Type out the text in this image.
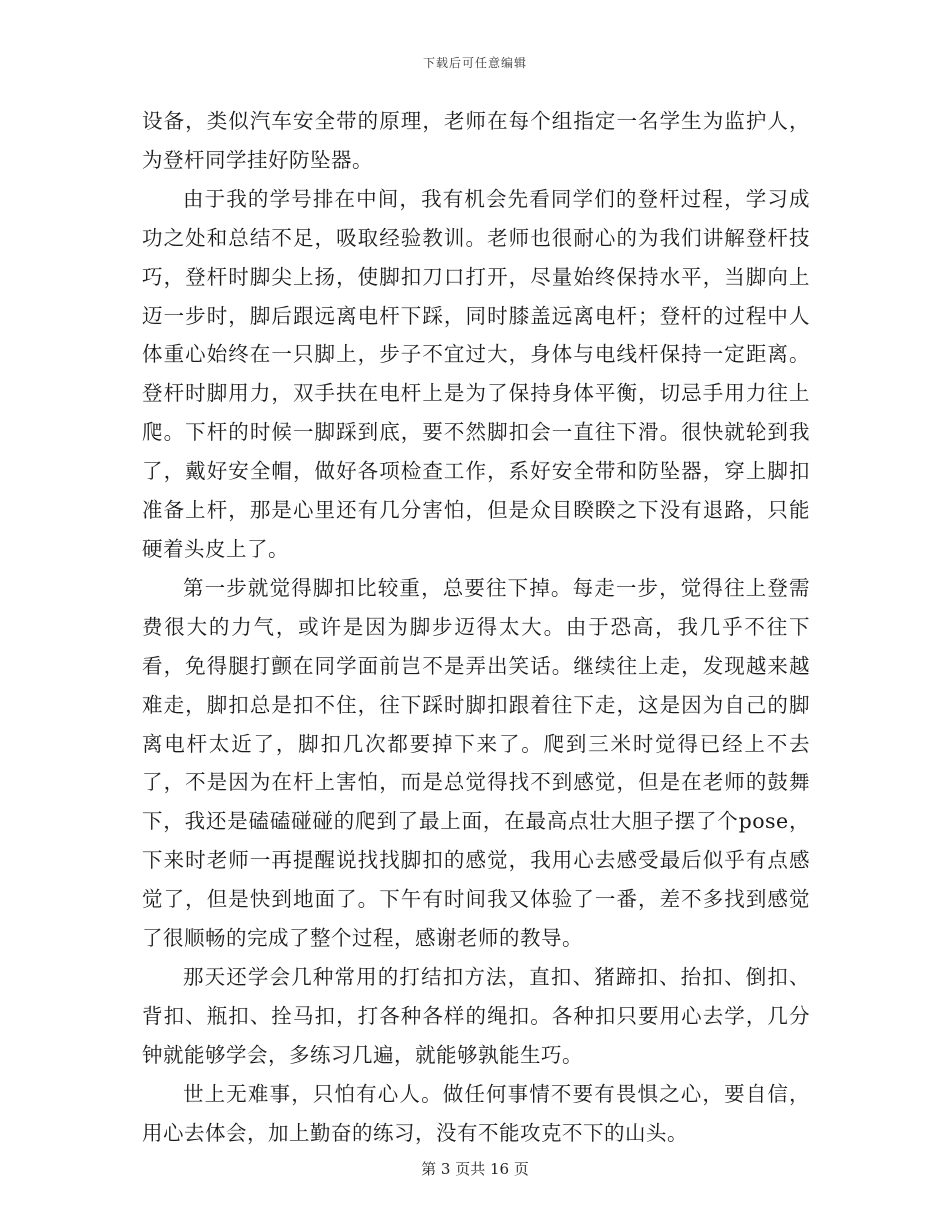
下载后可任意编辑

设备，类似汽车安全带的原理，老师在每个组指定一名学生为监护人，为登杆同学挂好防坠器。

由于我的学号排在中间，我有机会先看同学们的登杆过程，学习成功之处和总结不足，吸取经验教训。老师也很耐心的为我们讲解登杆技巧，登杆时脚尖上扬，使脚扣刀口打开，尽量始终保持水平，当脚向上迈一步时，脚后跟远离电杆下踩，同时膝盖远离电杆；登杆的过程中人体重心始终在一只脚上，步子不宜过大，身体与电线杆保持一定距离。登杆时脚用力，双手扶在电杆上是为了保持身体平衡，切忌手用力往上爬。下杆的时候一脚踩到底，要不然脚扣会一直往下滑。很快就轮到我了，戴好安全帽，做好各项检查工作，系好安全带和防坠器，穿上脚扣准备上杆，那是心里还有几分害怕，但是众目睽睽之下没有退路，只能硬着头皮上了。

第一步就觉得脚扣比较重，总要往下掉。每走一步，觉得往上登需费很大的力气，或许是因为脚步迈得太大。由于恐高，我几乎不往下看，免得腿打颤在同学面前岂不是弄出笑话。继续往上走，发现越来越难走，脚扣总是扣不住，往下踩时脚扣跟着往下走，这是因为自己的脚离电杆太近了，脚扣几次都要掉下来了。爬到三米时觉得已经上不去了，不是因为在杆上害怕，而是总觉得找不到感觉，但是在老师的鼓舞下，我还是磕磕碰碰的爬到了最上面，在最高点壮大胆子摆了个pose，下来时老师一再提醒说找找脚扣的感觉，我用心去感受最后似乎有点感觉了，但是快到地面了。下午有时间我又体验了一番，差不多找到感觉了很顺畅的完成了整个过程，感谢老师的教导。

那天还学会几种常用的打结扣方法，直扣、猪蹄扣、抬扣、倒扣、背扣、瓶扣、拴马扣，打各种各样的绳扣。各种扣只要用心去学，几分钟就能够学会，多练习几遍，就能够孰能生巧。

世上无难事，只怕有心人。做任何事情不要有畏惧之心，要自信，用心去体会，加上勤奋的练习，没有不能攻克不下的山头。

第 3 页共 16 页
